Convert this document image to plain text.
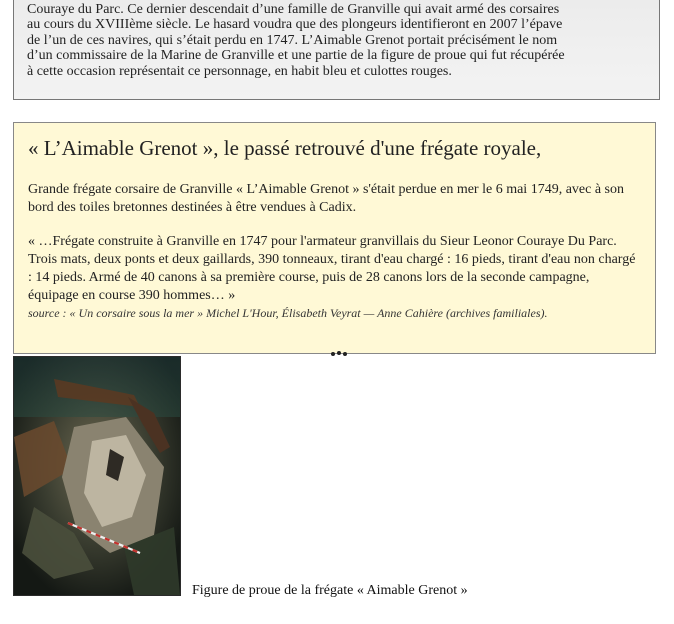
Couraye du Parc. Ce dernier descendait d’une famille de Granville qui avait armé des corsaires
au cours du XVIIIème siècle. Le hasard voudra que des plongeurs identifieront en 2007 l’épave
de l’un de ces navires, qui s’était perdu en 1747. L’Aimable Grenot portait précisément le nom
d’un commissaire de la Marine de Granville et une partie de la figure de proue qui fut récupérée
à cette occasion représentait ce personnage, en habit bleu et culottes rouges.
« L’Aimable Grenot », le passé retrouvé d'une frégate royale,

Grande frégate corsaire de Granville « L’Aimable Grenot » s'était perdue en mer le 6 mai 1749, avec à son bord des toiles bretonnes destinées à être vendues à Cadix.

« …Frégate construite à Granville en 1747 pour l'armateur granvillais du Sieur Leonor Couraye Du Parc. Trois mats, deux ponts et deux gaillards, 390 tonneaux, tirant d'eau chargé : 16 pieds, tirant d'eau non chargé : 14 pieds. Armé de 40 canons à sa première course, puis de 28 canons lors de la seconde campagne, équipage en course 390 hommes… »

source : « Un corsaire sous la mer » Michel L'Hour, Élisabeth Veyrat — Anne Cahière (archives familiales).
Figure de proue de la frégate « Aimable Grenot »
